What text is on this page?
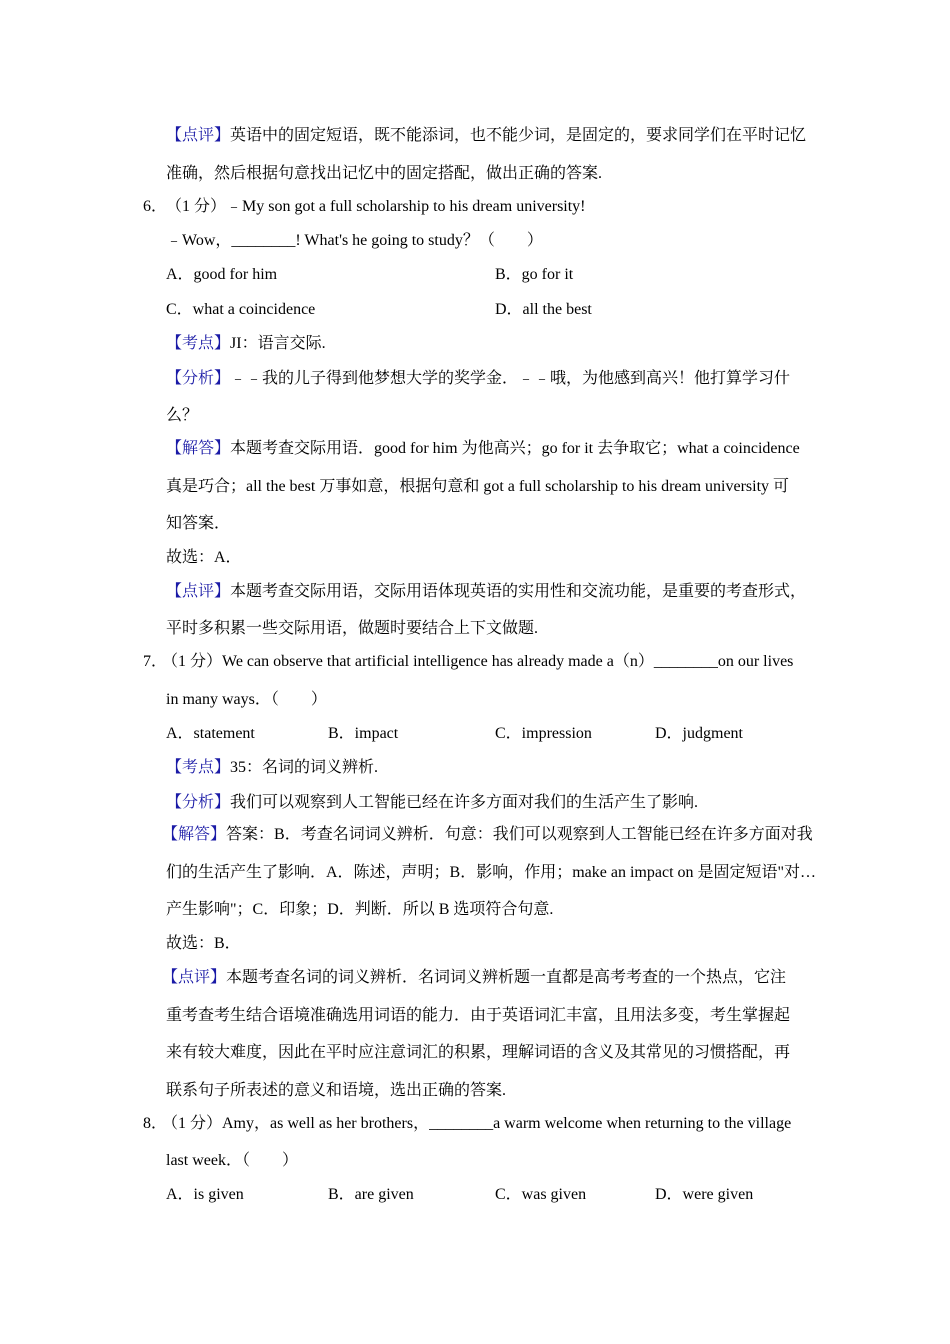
【点评】英语中的固定短语，既不能添词，也不能少词，是固定的，要求同学们在平时记忆
准确，然后根据句意找出记忆中的固定搭配，做出正确的答案.
6．
（1 分）﹣My son got a full scholarship to his dream university!
﹣Wow，________! What's he going to study？（　　）
A．good for him	B．go for it
C．what a coincidence	D．all the best
【考点】JI：语言交际.
【分析】﹣﹣我的儿子得到他梦想大学的奖学金．﹣﹣哦，为他感到高兴！他打算学习什
么？
【解答】本题考查交际用语．good for him 为他高兴；go for it 去争取它；what a coincidence
真是巧合；all the best 万事如意，根据句意和 got a full scholarship to his dream university 可
知答案．
故选：A．
【点评】本题考查交际用语，交际用语体现英语的实用性和交流功能，是重要的考查形式，
平时多积累一些交际用语，做题时要结合上下文做题.
7．
（1 分）We can observe that artificial intelligence has already made a（n）________on our lives
in many ways．（　　）
A．statement	B．impact	C．impression	D．judgment
【考点】35：名词的词义辨析.
【分析】我们可以观察到人工智能已经在许多方面对我们的生活产生了影响.
【解答】答案：B．考查名词词义辨析．句意：我们可以观察到人工智能已经在许多方面对我
们的生活产生了影响．A．陈述，声明；B．影响，作用；make an impact on 是固定短语"对…
产生影响"；C．印象；D．判断．所以 B 选项符合句意.
故选：B．
【点评】本题考查名词的词义辨析．名词词义辨析题一直都是高考考查的一个热点，它注
重考查考生结合语境准确选用词语的能力．由于英语词汇丰富，且用法多变，考生掌握起
来有较大难度，因此在平时应注意词汇的积累，理解词语的含义及其常见的习惯搭配，再
联系句子所表述的意义和语境，选出正确的答案.
8．
（1 分）Amy，as well as her brothers，________a warm welcome when returning to the village
last week．（　　）
A．is given	B．are given	C．was given	D．were given
